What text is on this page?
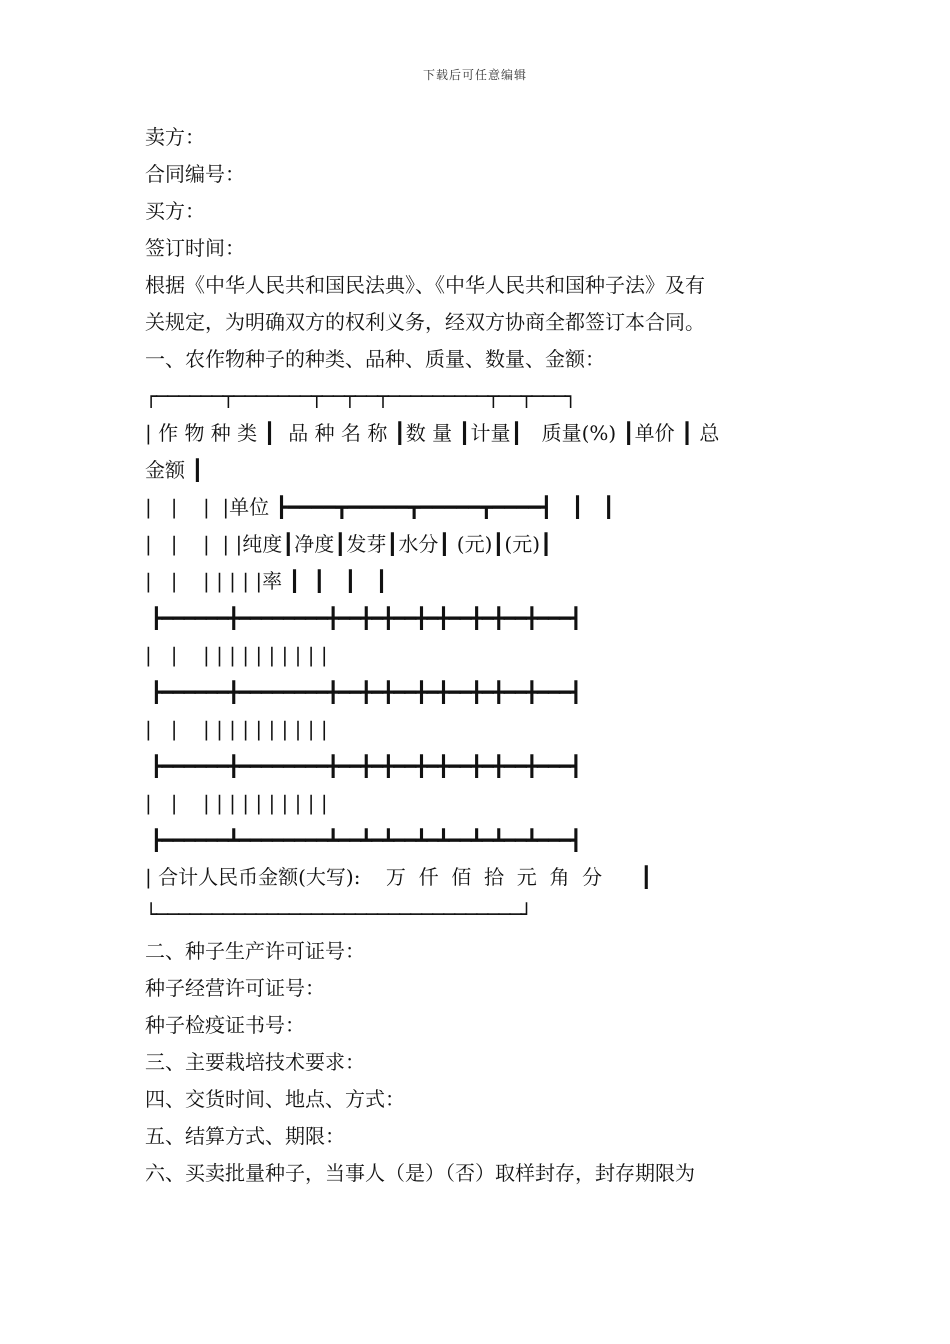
下载后可任意编辑
卖方：
合同编号：
买方：
签订时间：
根据《中华人民共和国民法典》、《中华人民共和国种子法》及有
关规定，为明确双方的权利义务，经双方协商全都签订本合同。
一、农作物种子的种类、品种、质量、数量、金额：
┌──────┬───────┬──┬──┬─────────┬──┬───┐
| 作 物 种 类 ┃  品 种 名 称 ┃数 量 ┃计量┃   质量(%) ┃单价 ┃ 总
金额 ┃
|   |    |  |单位 ┣━━━━┳━━━━━┳━━━━━┳━━━━┫   ┃   ┃
|   |    |  | |纯度┃净度┃发芽┃水分┃ (元)┃(元)┃
|   |    | | | | |率 ┃  ┃   ┃   ┃
┣━━━━━━╋━━━━━━━━╋━━╋━╋━━╋━╋━━╋━╋━━╋━━━┫
|   |    | | | | | | | | | |
┣━━━━━━╋━━━━━━━━╋━━╋━╋━━╋━╋━━╋━╋━━╋━━━┫
|   |    | | | | | | | | | |
┣━━━━━━╋━━━━━━━━╋━━╋━╋━━╋━╋━━╋━╋━━╋━━━┫
|   |    | | | | | | | | | |
┣━━━━━━┻━━━━━━━━┻━━┻━┻━━┻━┻━━┻━┻━━┻━━━┫
| 合计人民币金额(大写):    万  仟  佰  拾  元  角  分      ┃
└─────────────────────────────────┘
二、种子生产许可证号：
种子经营许可证号：
种子检疫证书号：
三、主要栽培技术要求：
四、交货时间、地点、方式：
五、结算方式、期限：
六、买卖批量种子，当事人（是）（否）取样封存，封存期限为
